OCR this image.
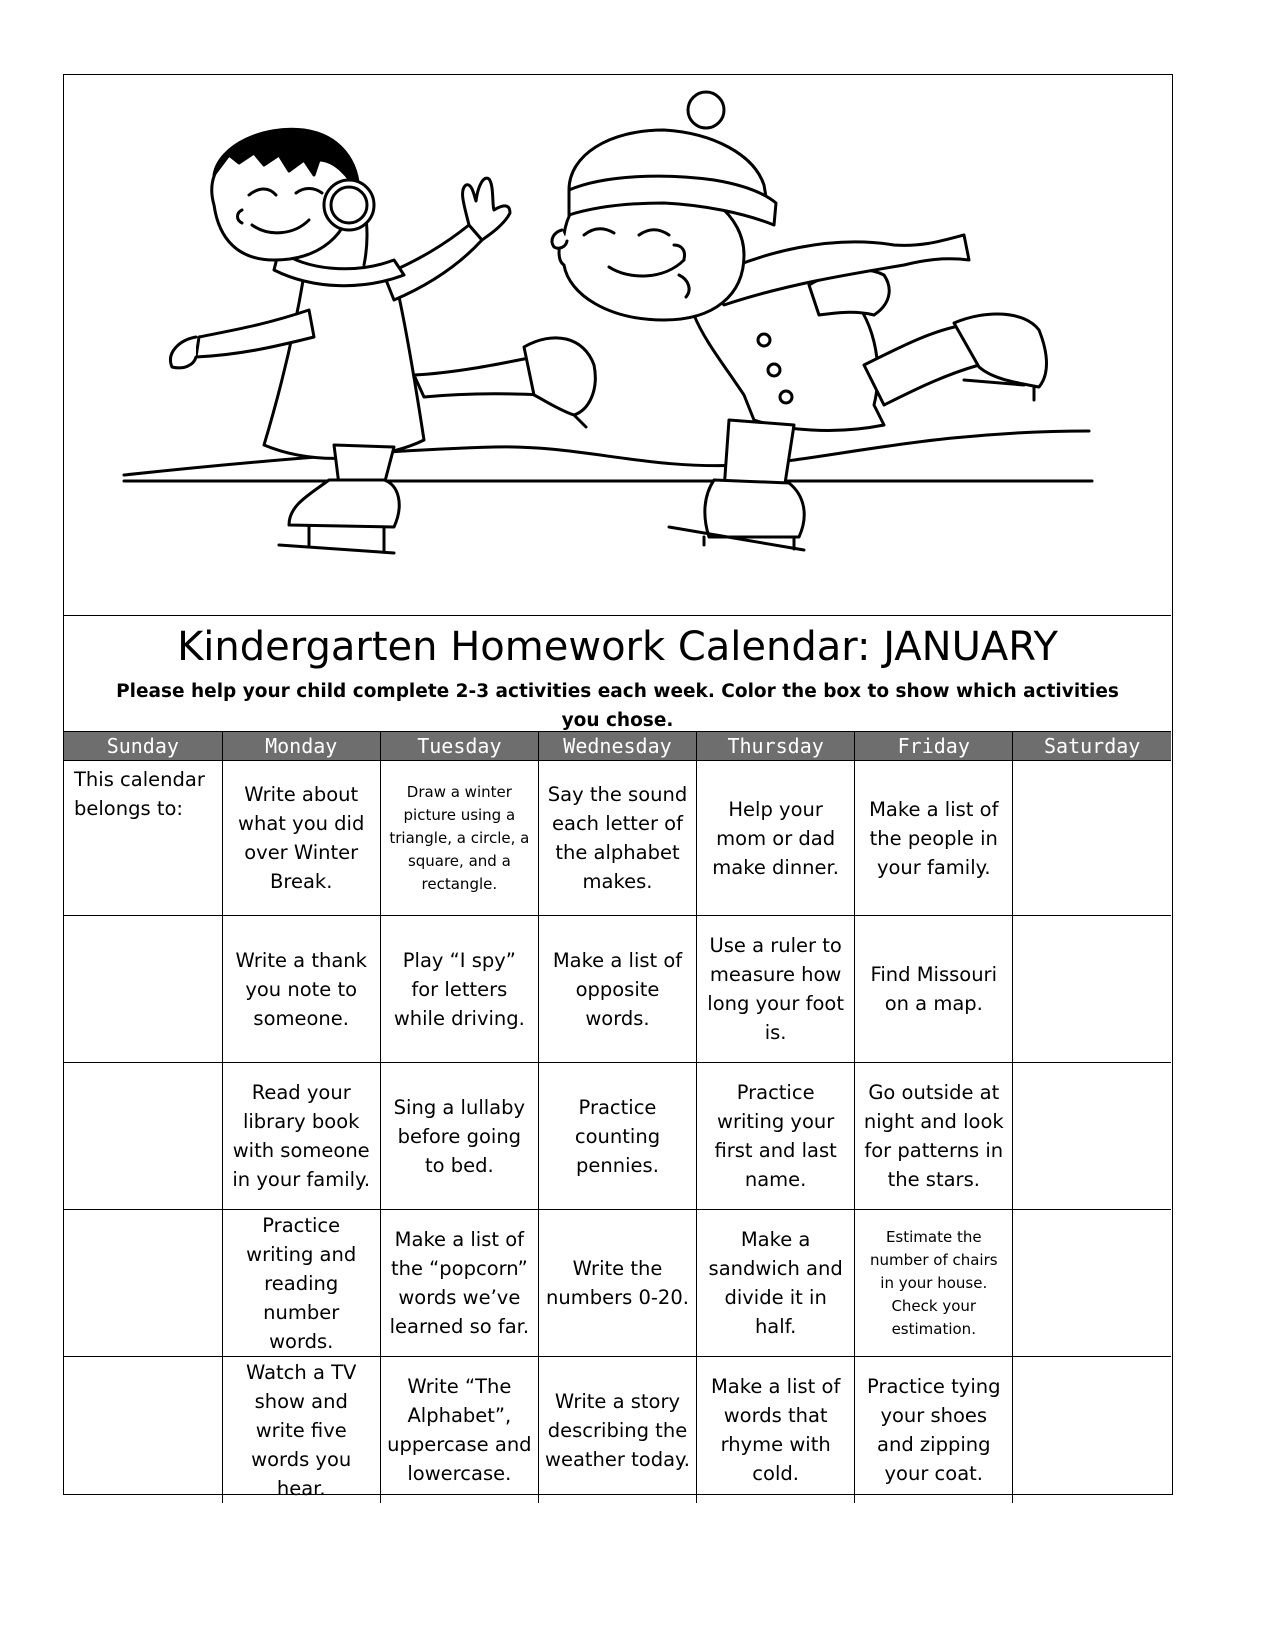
Kindergarten Homework Calendar: JANUARY
Please help your child complete 2-3 activities each week. Color the box to show which activities you chose.
Sunday	Monday	Tuesday	Wednesday	Thursday	Friday	Saturday
This calendar belongs to:	Write about what you did over Winter Break.	Draw a winter picture using a triangle, a circle, a square, and a rectangle.	Say the sound each letter of the alphabet makes.	Help your mom or dad make dinner.	Make a list of the people in your family.	
	Write a thank you note to someone.	Play “I spy” for letters while driving.	Make a list of opposite words.	Use a ruler to measure how long your foot is.	Find Missouri on a map.	
	Read your library book with someone in your family.	Sing a lullaby before going to bed.	Practice counting pennies.	Practice writing your first and last name.	Go outside at night and look for patterns in the stars.	
	Practice writing and reading number words.	Make a list of the “popcorn” words we’ve learned so far.	Write the numbers 0-20.	Make a sandwich and divide it in half.	Estimate the number of chairs in your house. Check your estimation.	
	Watch a TV show and write five words you hear.	Write “The Alphabet”, uppercase and lowercase.	Write a story describing the weather today.	Make a list of words that rhyme with cold.	Practice tying your shoes and zipping your coat.	
